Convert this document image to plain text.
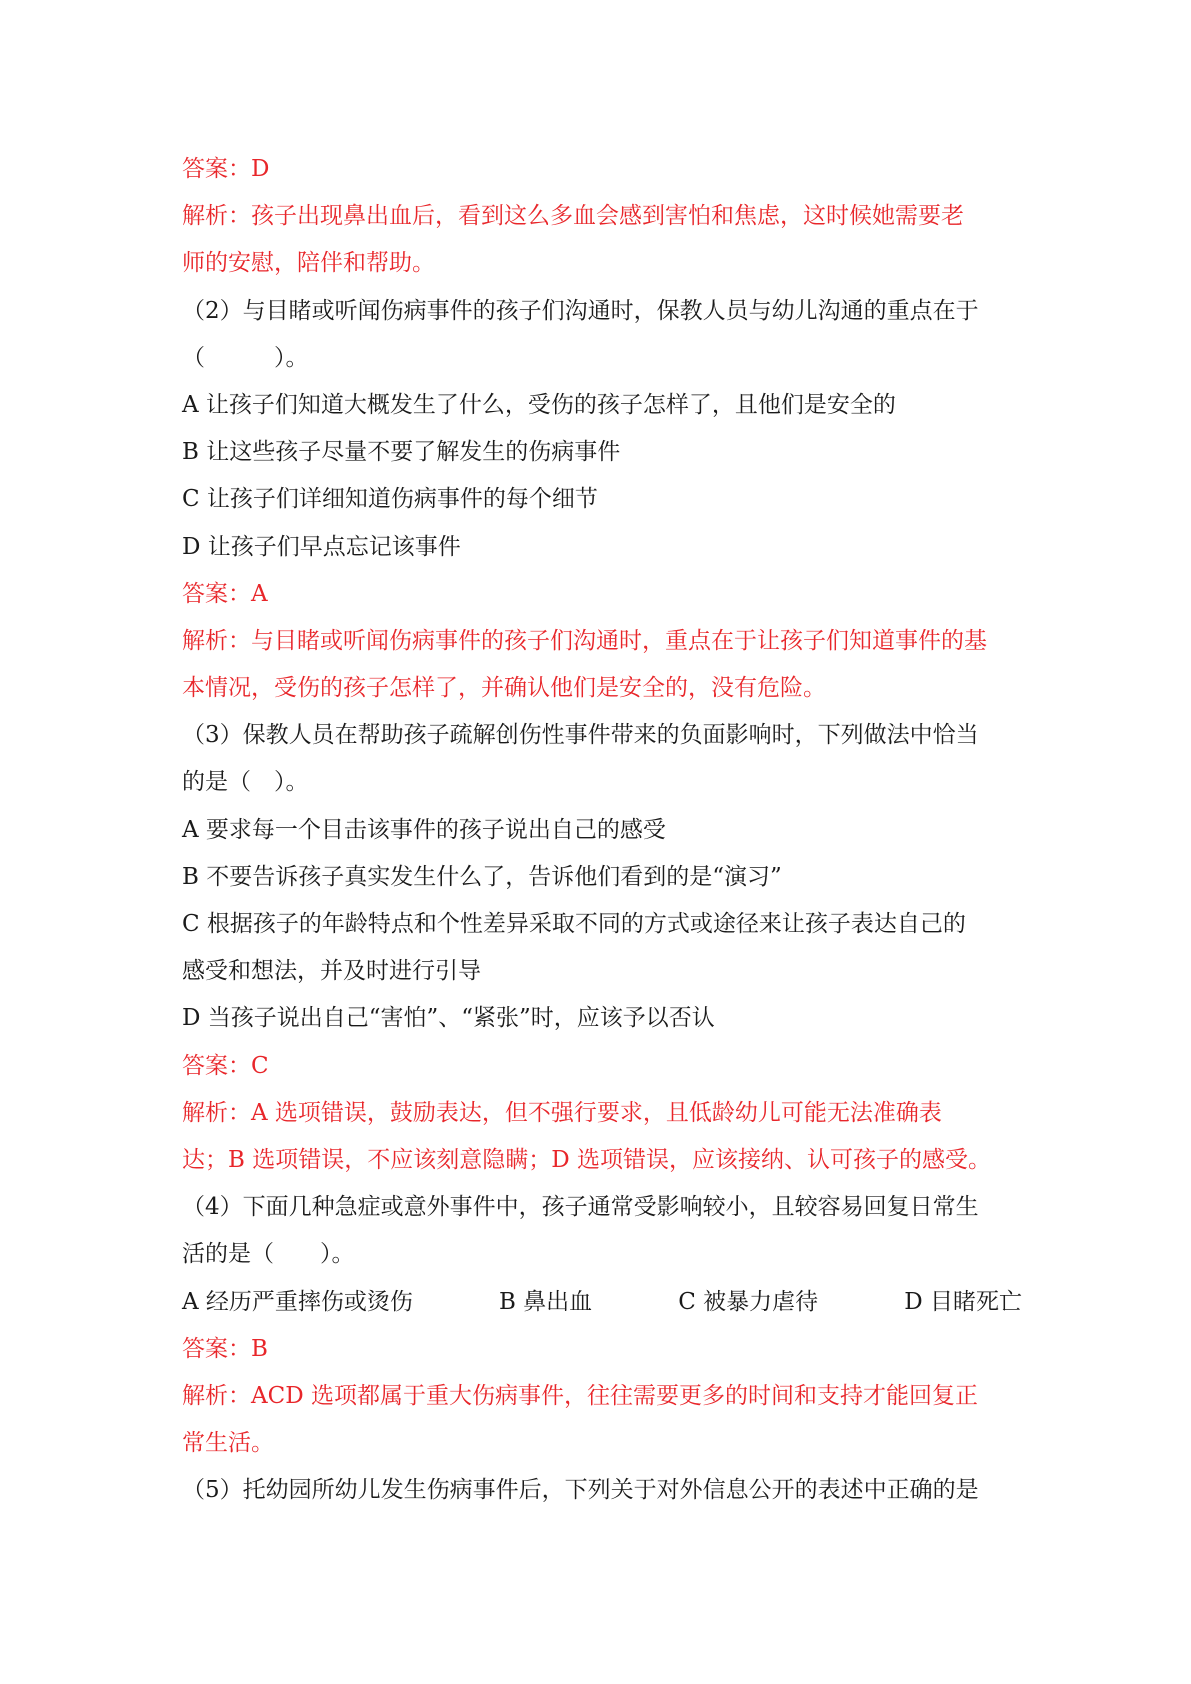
答案：D
解析：孩子出现鼻出血后，看到这么多血会感到害怕和焦虑，这时候她需要老
师的安慰，陪伴和帮助。
（2）与目睹或听闻伤病事件的孩子们沟通时，保教人员与幼儿沟通的重点在于
（　　　）。
A 让孩子们知道大概发生了什么，受伤的孩子怎样了，且他们是安全的
B 让这些孩子尽量不要了解发生的伤病事件
C 让孩子们详细知道伤病事件的每个细节
D 让孩子们早点忘记该事件
答案：A
解析：与目睹或听闻伤病事件的孩子们沟通时，重点在于让孩子们知道事件的基
本情况，受伤的孩子怎样了，并确认他们是安全的，没有危险。
（3）保教人员在帮助孩子疏解创伤性事件带来的负面影响时，下列做法中恰当
的是（　）。
A 要求每一个目击该事件的孩子说出自己的感受
B 不要告诉孩子真实发生什么了，告诉他们看到的是“演习”
C 根据孩子的年龄特点和个性差异采取不同的方式或途径来让孩子表达自己的
感受和想法，并及时进行引导
D 当孩子说出自己“害怕”、“紧张”时，应该予以否认
答案：C
解析：A 选项错误，鼓励表达，但不强行要求，且低龄幼儿可能无法准确表
达；B 选项错误，不应该刻意隐瞒；D 选项错误，应该接纳、认可孩子的感受。
（4）下面几种急症或意外事件中，孩子通常受影响较小，且较容易回复日常生
活的是（　　）。
A 经历严重摔伤或烫伤	B 鼻出血	C 被暴力虐待	D 目睹死亡
答案：B
解析：ACD 选项都属于重大伤病事件，往往需要更多的时间和支持才能回复正
常生活。
（5）托幼园所幼儿发生伤病事件后，下列关于对外信息公开的表述中正确的是
